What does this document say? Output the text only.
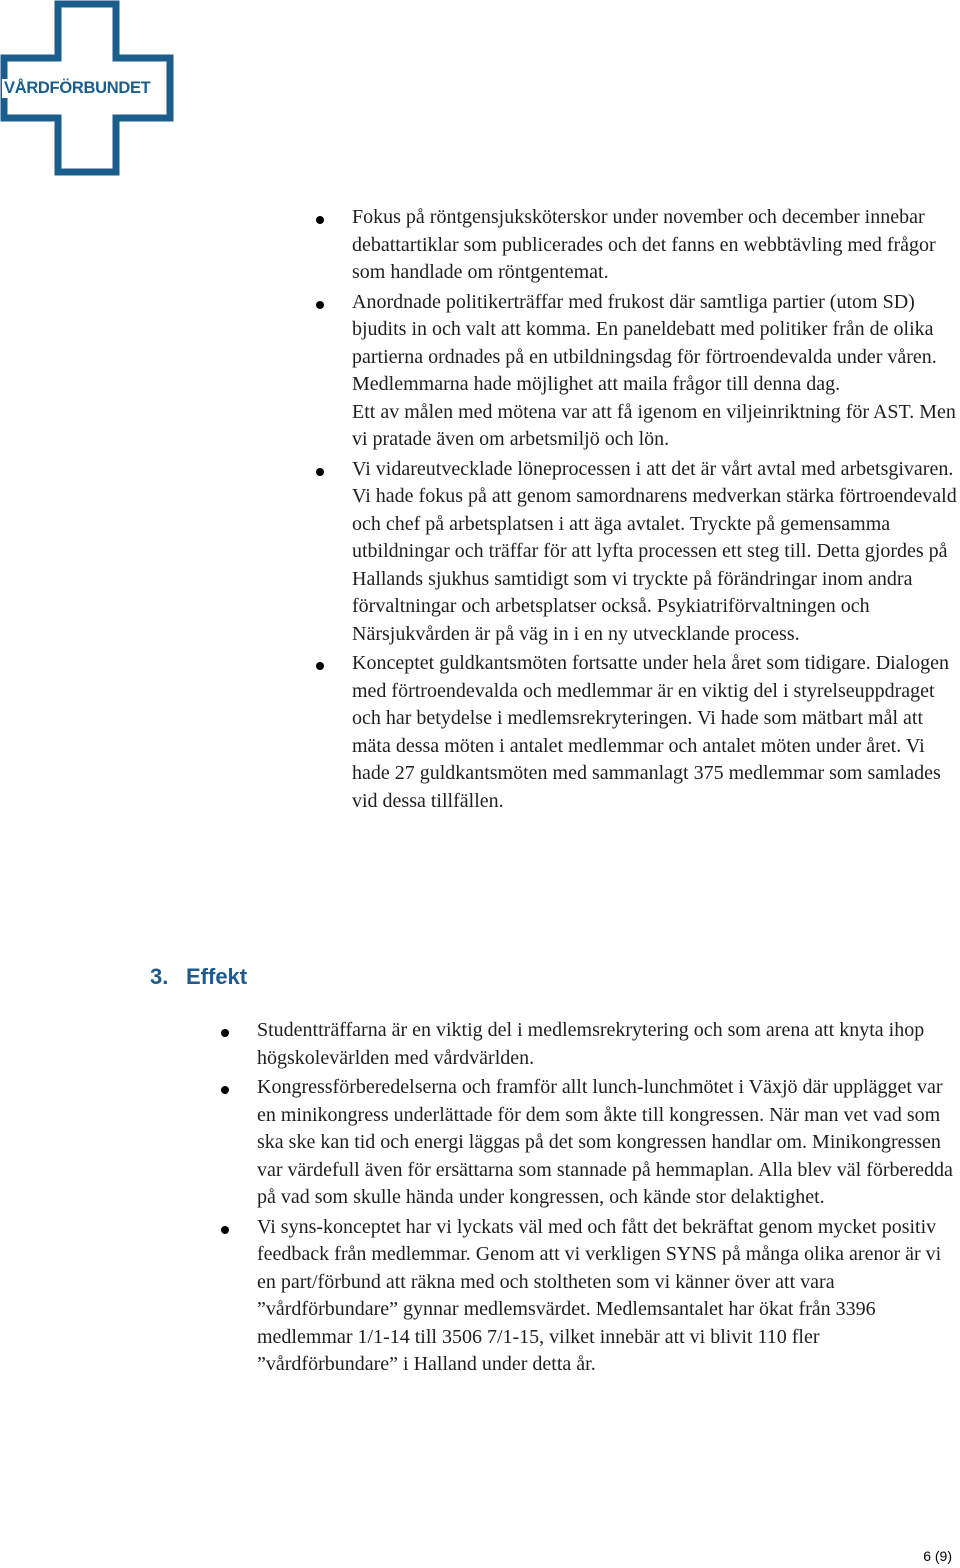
VÅRDFÖRBUNDET
Fokus på röntgensjuksköterskor under november och december innebar debattartiklar som publicerades och det fanns en webbtävling med frågor som handlade om röntgentemat.
Anordnade politikerträffar med frukost där samtliga partier (utom SD) bjudits in och valt att komma. En paneldebatt med politiker från de olika partierna ordnades på en utbildningsdag för förtroendevalda under våren. Medlemmarna hade möjlighet att maila frågor till denna dag.
Ett av målen med mötena var att få igenom en viljeinriktning för AST. Men vi pratade även om arbetsmiljö och lön.
Vi vidareutvecklade löneprocessen i att det är vårt avtal med arbetsgivaren. Vi hade fokus på att genom samordnarens medverkan stärka förtroendevald och chef på arbetsplatsen i att äga avtalet. Tryckte på gemensamma utbildningar och träffar för att lyfta processen ett steg till. Detta gjordes på Hallands sjukhus samtidigt som vi tryckte på förändringar inom andra förvaltningar och arbetsplatser också. Psykiatriförvaltningen och Närsjukvården är på väg in i en ny utvecklande process.
Konceptet guldkantsmöten fortsatte under hela året som tidigare. Dialogen med förtroendevalda och medlemmar är en viktig del i styrelseuppdraget och har betydelse i medlemsrekryteringen. Vi hade som mätbart mål att mäta dessa möten i antalet medlemmar och antalet möten under året. Vi hade 27 guldkantsmöten med sammanlagt 375 medlemmar som samlades vid dessa tillfällen.
3. Effekt
Studentträffarna är en viktig del i medlemsrekrytering och som arena att knyta ihop högskolevärlden med vårdvärlden.
Kongressförberedelserna och framför allt lunch-lunchmötet i Växjö där upplägget var en minikongress underlättade för dem som åkte till kongressen. När man vet vad som ska ske kan tid och energi läggas på det som kongressen handlar om. Minikongressen var värdefull även för ersättarna som stannade på hemmaplan. Alla blev väl förberedda på vad som skulle hända under kongressen, och kände stor delaktighet.
Vi syns-konceptet har vi lyckats väl med och fått det bekräftat genom mycket positiv feedback från medlemmar. Genom att vi verkligen SYNS på många olika arenor är vi en part/förbund att räkna med och stoltheten som vi känner över att vara ”vårdförbundare” gynnar medlemsvärdet. Medlemsantalet har ökat från 3396 medlemmar 1/1-14 till 3506 7/1-15, vilket innebär att vi blivit 110 fler ”vårdförbundare” i Halland under detta år.
6 (9)
